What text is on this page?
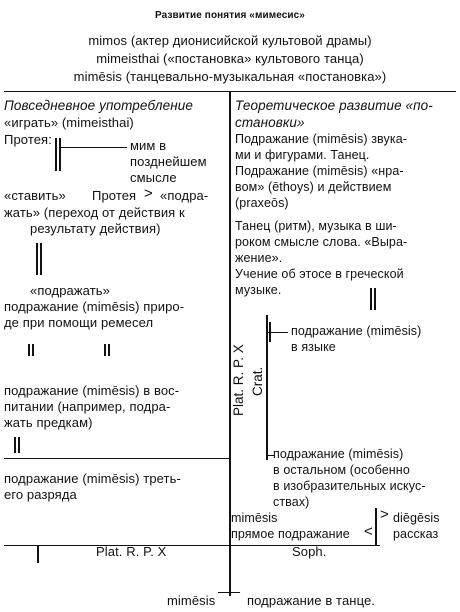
Развитие понятия «мимесис»
mimos (актер дионисийской культовой драмы)
mimeisthai («постановка» культового танца)
mimēsis (танцевально-музыкальная «постановка»)
Повседневное употребление
«играть» (mimeisthai)
Протея:	мим в
позднейшем
смысле
«ставить» Протея > «подра-
жать» (переход от действия к
результату действия)
«подражать»
подражание (mimēsis) приро-
де при помощи ремесел
подражание (mimēsis) в вос-
питании (например, подра-
жать предкам)
подражание (mimēsis) треть-
его разряда
Теоретическое развитие «по-
становки»
Подражание (mimēsis) звука-
ми и фигурами. Танец.
Подражание (mimēsis) «нра-
вом» (ēthoys) и действием
(praxeōs)
Танец (ритм), музыка в ши-
роком смысле слова. «Выра-
жение».
Учение об этосе в греческой
музыке.
Plat. R. P. X Crat.
подражание (mimēsis)
в языке
подражание (mimēsis)
в остальном (особенно
в изобразительных искус-
ствах)
mimēsis
прямое подражание <
> diēgēsis
рассказ
Plat. R. P. X	Soph.
mimēsis подражание в танце.
